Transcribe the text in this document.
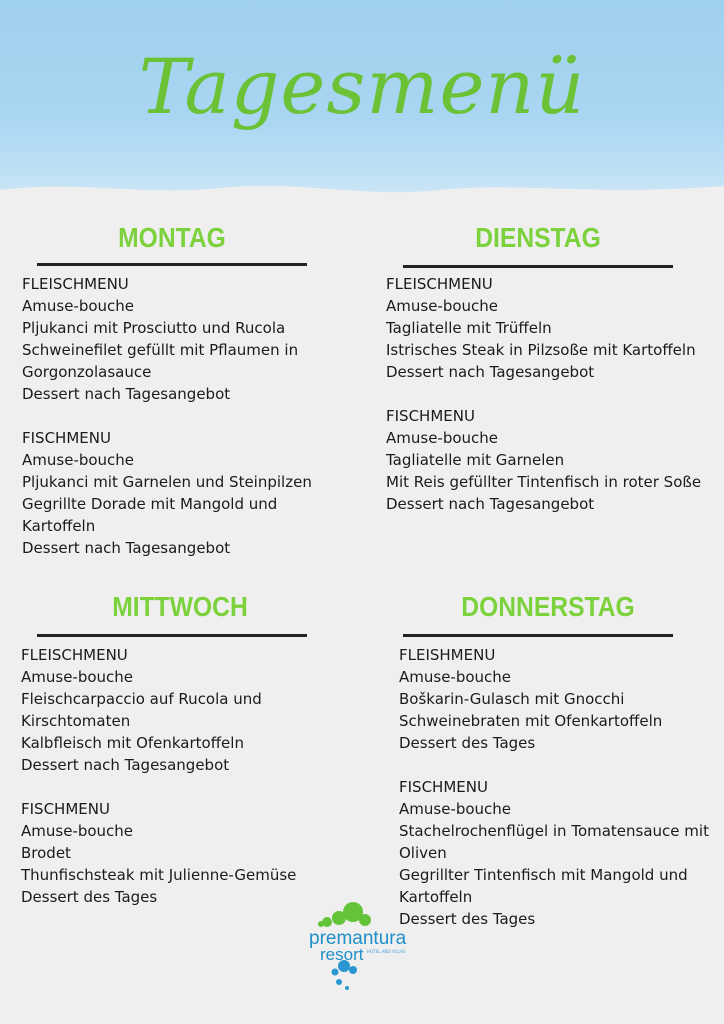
Tagesmenü
MONTAG
FLEISCHMENU
Amuse-bouche
Pljukanci mit Prosciutto und Rucola
Schweinefilet gefüllt mit Pflaumen in
Gorgonzolasauce
Dessert nach Tagesangebot
FISCHMENU
Amuse-bouche
Pljukanci mit Garnelen und Steinpilzen
Gegrillte Dorade mit Mangold und
Kartoffeln
Dessert nach Tagesangebot
DIENSTAG
FLEISCHMENU
Amuse-bouche
Tagliatelle mit Trüffeln
Istrisches Steak in Pilzsoße mit Kartoffeln
Dessert nach Tagesangebot
FISCHMENU
Amuse-bouche
Tagliatelle mit Garnelen
Mit Reis gefüllter Tintenfisch in roter Soße
Dessert nach Tagesangebot
MITTWOCH
FLEISCHMENU
Amuse-bouche
Fleischcarpaccio auf Rucola und
Kirschtomaten
Kalbfleisch mit Ofenkartoffeln
Dessert nach Tagesangebot
FISCHMENU
Amuse-bouche
Brodet
Thunfischsteak mit Julienne-Gemüse
Dessert des Tages
DONNERSTAG
FLEISHMENU
Amuse-bouche
Boškarin-Gulasch mit Gnocchi
Schweinebraten mit Ofenkartoffeln
Dessert des Tages
FISCHMENU
Amuse-bouche
Stachelrochenflügel in Tomatensauce mit
Oliven
Gegrillter Tintenfisch mit Mangold und
Kartoffeln
Dessert des Tages
premantura
resort HOTEL AND VILLAS
